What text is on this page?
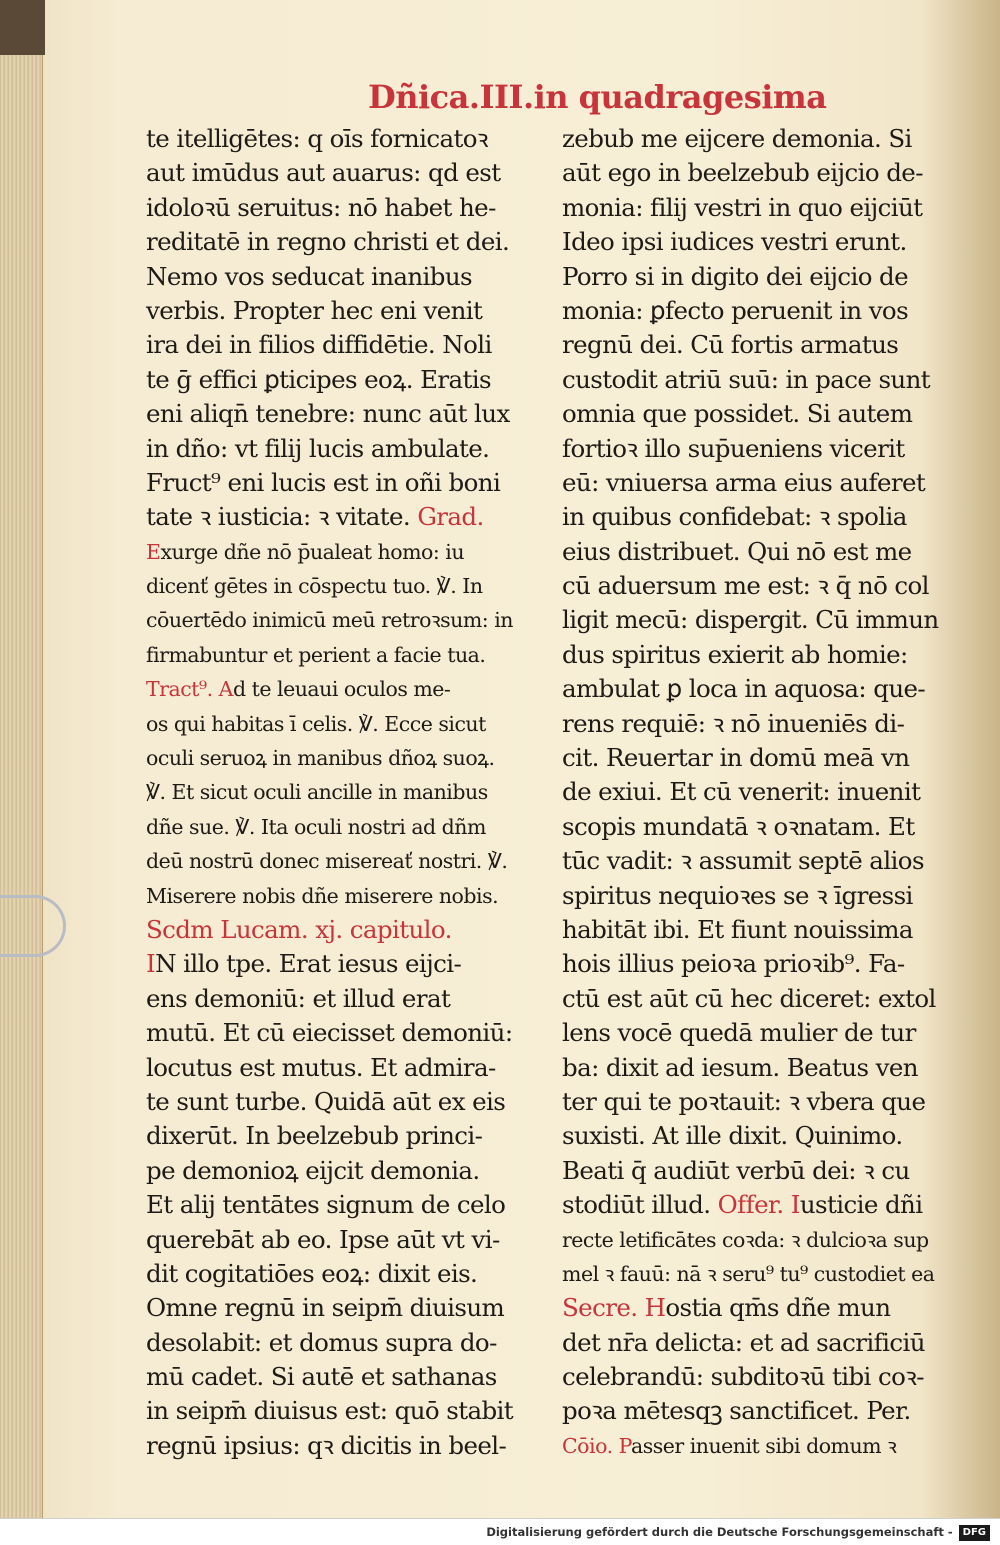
Dñica.III.in quadragesima
te itelligētes: q oīs fornicatoꝛ
aut imūdus aut auarus: qd est
idoloꝛū seruitus: nō habet he-
reditatē in regno christi et dei.
Nemo vos seducat inanibus
verbis. Propter hec eni venit
ira dei in filios diffidētie. Noli
te ḡ effici ꝑticipes eoꝝ. Eratis
eni aliqn̄ tenebre: nunc aūt lux
in dño: vt filij lucis ambulate.
Fruct⁹ eni lucis est in oñi boni
tate ꝛ iusticia: ꝛ vitate. Grad.
Exurge dñe nō p̄ualeat homo: iu
dicenť gētes in cōspectu tuo. ℣. In
cōuertēdo inimicū meū retroꝛsum: in
firmabuntur et perient a facie tua.
Tract⁹. Ad te leuaui oculos me-
os qui habitas ī celis. ℣. Ecce sicut
oculi seruoꝝ in manibus dñoꝝ suoꝝ.
℣. Et sicut oculi ancille in manibus
dñe sue. ℣. Ita oculi nostri ad dñm
deū nostrū donec misereať nostri. ℣.
Miserere nobis dñe miserere nobis.
Scdm Lucam. xj. capitulo.
IN illo tpe. Erat iesus eijci-
ens demoniū: et illud erat
mutū. Et cū eiecisset demoniū:
locutus est mutus. Et admira-
te sunt turbe. Quidā aūt ex eis
dixerūt. In beelzebub princi-
pe demonioꝝ eijcit demonia.
Et alij tentātes signum de celo
querebāt ab eo. Ipse aūt vt vi-
dit cogitatiōes eoꝝ: dixit eis.
Omne regnū in seipm̄ diuisum
desolabit: et domus supra do-
mū cadet. Si autē et sathanas
in seipm̄ diuisus est: quō stabit
regnū ipsius: qꝛ dicitis in beel-
zebub me eijcere demonia. Si
aūt ego in beelzebub eijcio de-
monia: filij vestri in quo eijciūt
Ideo ipsi iudices vestri erunt.
Porro si in digito dei eijcio de
monia: ꝑfecto peruenit in vos
regnū dei. Cū fortis armatus
custodit atriū suū: in pace sunt
omnia que possidet. Si autem
fortioꝛ illo sup̄ueniens vicerit
eū: vniuersa arma eius auferet
in quibus confidebat: ꝛ spolia
eius distribuet. Qui nō est me
cū aduersum me est: ꝛ q̄ nō col
ligit mecū: dispergit. Cū immun
dus spiritus exierit ab homie:
ambulat ꝑ loca in aquosa: que-
rens requiē: ꝛ nō inueniēs di-
cit. Reuertar in domū meā vn
de exiui. Et cū venerit: inuenit
scopis mundatā ꝛ oꝛnatam. Et
tūc vadit: ꝛ assumit septē alios
spiritus nequioꝛes se ꝛ īgressi
habitāt ibi. Et fiunt nouissima
hois illius peioꝛa prioꝛib⁹. Fa-
ctū est aūt cū hec diceret: extol
lens vocē quedā mulier de tur
ba: dixit ad iesum. Beatus ven
ter qui te poꝛtauit: ꝛ vbera que
suxisti. At ille dixit. Quinimo.
Beati q̄ audiūt verbū dei: ꝛ cu
stodiūt illud. Offer. Iusticie dñi
recte letificātes coꝛda: ꝛ dulcioꝛa sup
mel ꝛ fauū: nā ꝛ seru⁹ tu⁹ custodiet ea
Secre. Hostia qm̄s dñe mun
det nr̄a delicta: et ad sacrificiū
celebrandū: subditoꝛū tibi coꝛ-
poꝛa mētesqꝫ sanctificet. Per.
Cōio. Passer inuenit sibi domum ꝛ
Digitalisierung gefördert durch die Deutsche Forschungsgemeinschaft - DFG
